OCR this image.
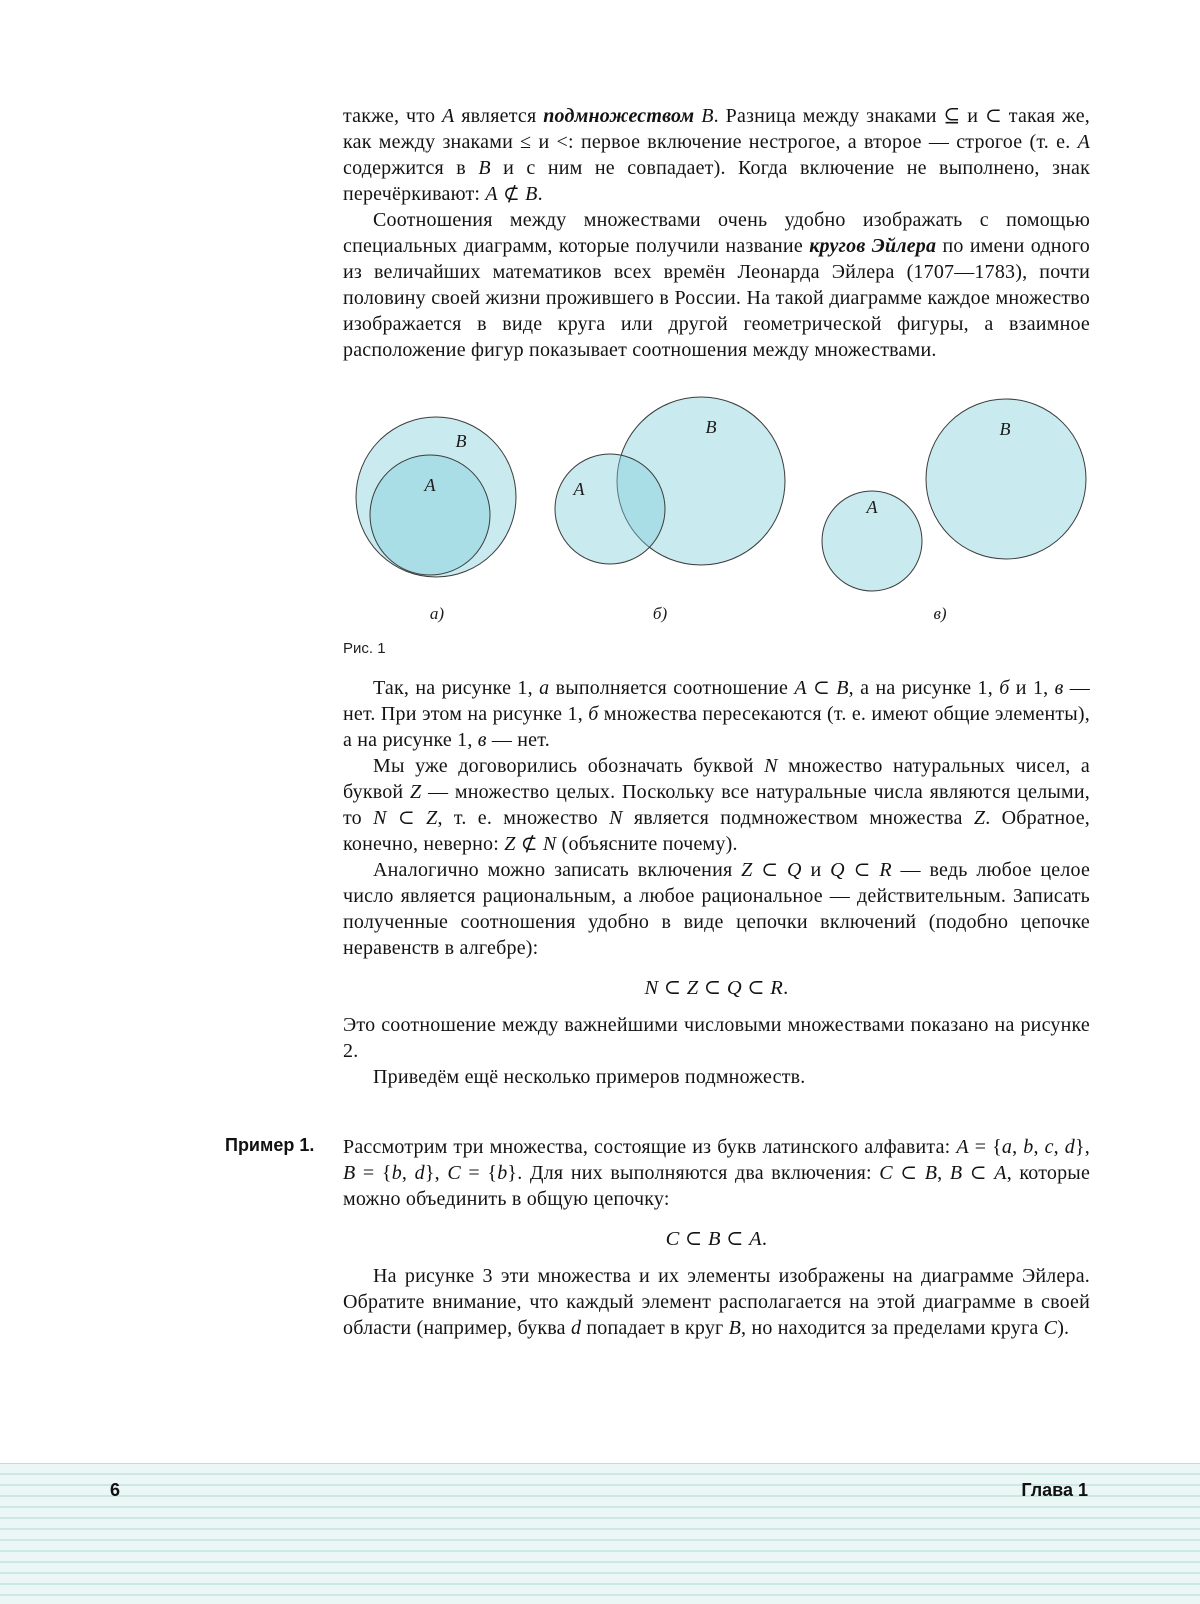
также, что A является подмножеством B. Разница между знаками ⊆ и ⊂ такая же, как между знаками ≤ и <: первое включение нестрогое, а второе — строгое (т. е. A содержится в B и с ним не совпадает). Когда включение не выполнено, знак перечёркивают: A ⊄ B.

Соотношения между множествами очень удобно изображать с помощью специальных диаграмм, которые получили название кругов Эйлера по имени одного из величайших математиков всех времён Леонарда Эйлера (1707—1783), почти половину своей жизни прожившего в России. На такой диаграмме каждое множество изображается в виде круга или другой геометрической фигуры, а взаимное расположение фигур показывает соотношения между множествами.

B
A
а)
B
A
б)
B
A
в)
Рис. 1

Так, на рисунке 1, а выполняется соотношение A ⊂ B, а на рисунке 1, б и 1, в — нет. При этом на рисунке 1, б множества пересекаются (т. е. имеют общие элементы), а на рисунке 1, в — нет.

Мы уже договорились обозначать буквой N множество натуральных чисел, а буквой Z — множество целых. Поскольку все натуральные числа являются целыми, то N ⊂ Z, т. е. множество N является подмножеством множества Z. Обратное, конечно, неверно: Z ⊄ N (объясните почему).

Аналогично можно записать включения Z ⊂ Q и Q ⊂ R — ведь любое целое число является рациональным, а любое рациональное — действительным. Записать полученные соотношения удобно в виде цепочки включений (подобно цепочке неравенств в алгебре):

N ⊂ Z ⊂ Q ⊂ R.

Это соотношение между важнейшими числовыми множествами показано на рисунке 2.

Приведём ещё несколько примеров подмножеств.

Пример 1.	Рассмотрим три множества, состоящие из букв латинского алфавита: A = {a, b, c, d}, B = {b, d}, C = {b}. Для них выполняются два включения: C ⊂ B, B ⊂ A, которые можно объединить в общую цепочку:

C ⊂ B ⊂ A.

На рисунке 3 эти множества и их элементы изображены на диаграмме Эйлера. Обратите внимание, что каждый элемент располагается на этой диаграмме в своей области (например, буква d попадает в круг B, но находится за пределами круга C).

6	Глава 1
